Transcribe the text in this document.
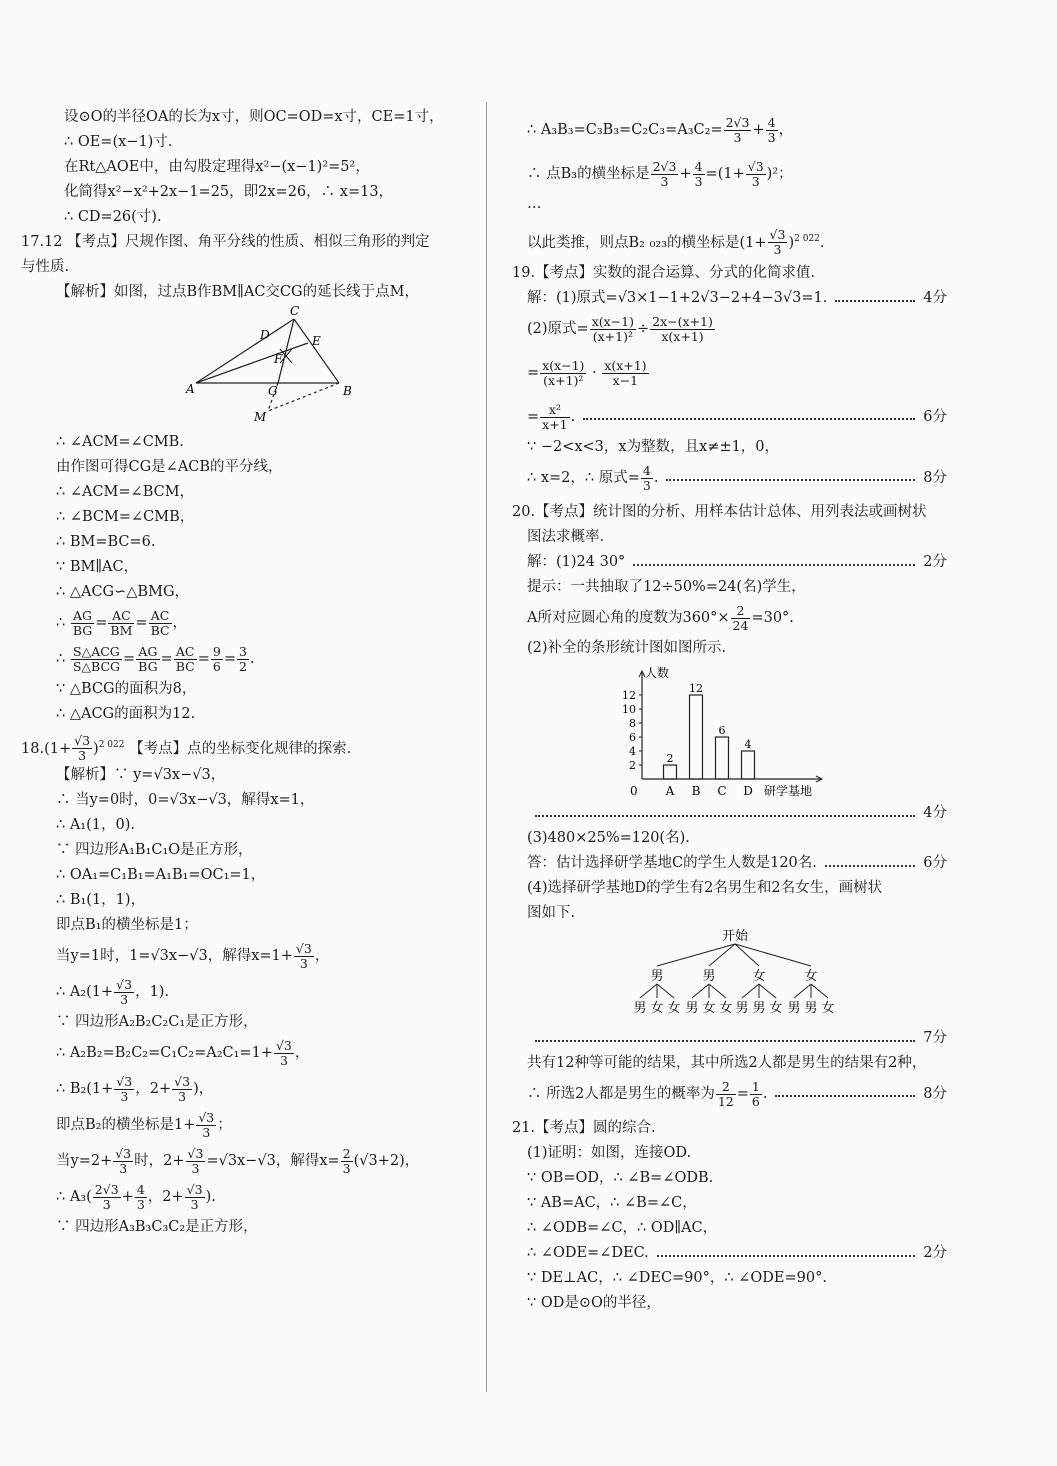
设⊙O的半径OA的长为x寸，则OC=OD=x寸，CE=1寸，
∴ OE=(x−1)寸.
在Rt△AOE中，由勾股定理得x²−(x−1)²=5²，
化简得x²−x²+2x−1=25，即2x=26，∴ x=13，
∴ CD=26(寸).
17.12 【考点】尺规作图、角平分线的性质、相似三角形的判定
与性质.
【解析】如图，过点B作BM∥AC交CG的延长线于点M，
C
D	E
F
A	G	B
M
∴ ∠ACM=∠CMB.
由作图可得CG是∠ACB的平分线，
∴ ∠ACM=∠BCM，
∴ ∠BCM=∠CMB，
∴ BM=BC=6.
∵ BM∥AC，
∴ △ACG∽△BMG，
∴ $\frac{AG}{BG} = \frac{AC}{BM} = \frac{AC}{BC}$ ，
∴ $\frac{\text{S△ACG}}{\text{S△BCG}} = \frac{AG}{BG} = \frac{AC}{BC} = \frac{9}{6} = \frac{3}{2}$ .
∵ △BCG的面积为8，
∴ △ACG的面积为12.
$18.(1+ \frac{√3}{3} )^{2 022}$ 【考点】点的坐标变化规律的探索.
【解析】∵ y=√3x−√3，
∴ 当y=0时，0=√3x−√3，解得x=1，
∴ A₁(1，0).
∵ 四边形A₁B₁C₁O是正方形，
∴ OA₁=C₁B₁=A₁B₁=OC₁=1，
∴ B₁(1，1)，
即点B₁的横坐标是1；
当y=1时，1=√3x−√3，解得$x=1+ \frac{√3}{3}$ ，
∴ $A_2(1+ \frac{√3}{3}$ ，1).
∵ 四边形A₂B₂C₂C₁是正方形，
∴ $A_2B_2=B_2C_2=C_1C_2=A_2C_1=1+ \frac{√3}{3}$ ，
∴ $B_2(1+ \frac{√3}{3}$ ，$2+ \frac{√3}{3}$ )，
即点B₂的横坐标是$1+ \frac{√3}{3}$ ；
当$y=2+ \frac{√3}{3}$ 时，$2+ \frac{√3}{3} =√3x-√3$，解得$x= \frac{2}{3} (√3+2)$，
∴ $A_3( \frac{2√3}{3} + \frac{4}{3}$ ，$2+ \frac{√3}{3}$ ).
∵ 四边形A₃B₃C₃C₂是正方形，
∴ $A_3B_3=C_3B_3=C_2C_3=A_3C_2= \frac{2√3}{3} + \frac{4}{3}$ ，
∴ 点B₃的横坐标是 $\frac{2√3}{3} + \frac{4}{3} =(1+ \frac{√3}{3} )^2$；
…
以此类推，则点B₂ ₀₂₃的横坐标是$(1+ \frac{√3}{3} )^{2 022}$.
19.【考点】实数的混合运算、分式的化简求值.
解：(1)原式=√3×1−1+2√3−2+4−3√3=1.	4分
(2)原式= $\frac{x(x-1)}{\text{(x+1)²}} \div \frac{2x-(x+1)}{x(x+1)}$
= $\frac{x(x-1)}{\text{(x+1)²}} \cdot \frac{x(x+1)}{x-1}$
= $\frac{\text{x²}}{x+1}$ .	6分
∵ −2<x<3，x为整数，且x≠±1，0，
∴ x=2，∴ 原式= $\frac{4}{3}$ .	8分
20.【考点】统计图的分析、用样本估计总体、用列表法或画树状
图法求概率.
解：(1)24 30°	2分
提示：一共抽取了12÷50%=24(名)学生，
A所对应圆心角的度数为$360^\circ\times \frac{2}{24} =30^\circ$.
(2)补全的条形统计图如图所示.
人数
0
2
4
6
8
10
12
2
A
12
B
6
C
4
D 研学基地
4分
(3)480×25%=120(名).
答：估计选择研学基地C的学生人数是120名.	6分
(4)选择研学基地D的学生有2名男生和2名女生，画树状
图如下.
开始
男
男 女 女
男
男 女 女
女
男 男 女
女
男 男 女
7分
共有12种等可能的结果，其中所选2人都是男生的结果有2种，
∴ 所选2人都是男生的概率为 $\frac{2}{12} = \frac{1}{6}$ .	8分
21.【考点】圆的综合.
(1)证明：如图，连接OD.
∵ OB=OD，∴ ∠B=∠ODB.
∵ AB=AC，∴ ∠B=∠C，
∴ ∠ODB=∠C，∴ OD∥AC，
∴ ∠ODE=∠DEC.	2分
∵ DE⊥AC，∴ ∠DEC=90°，∴ ∠ODE=90°.
∵ OD是⊙O的半径，
